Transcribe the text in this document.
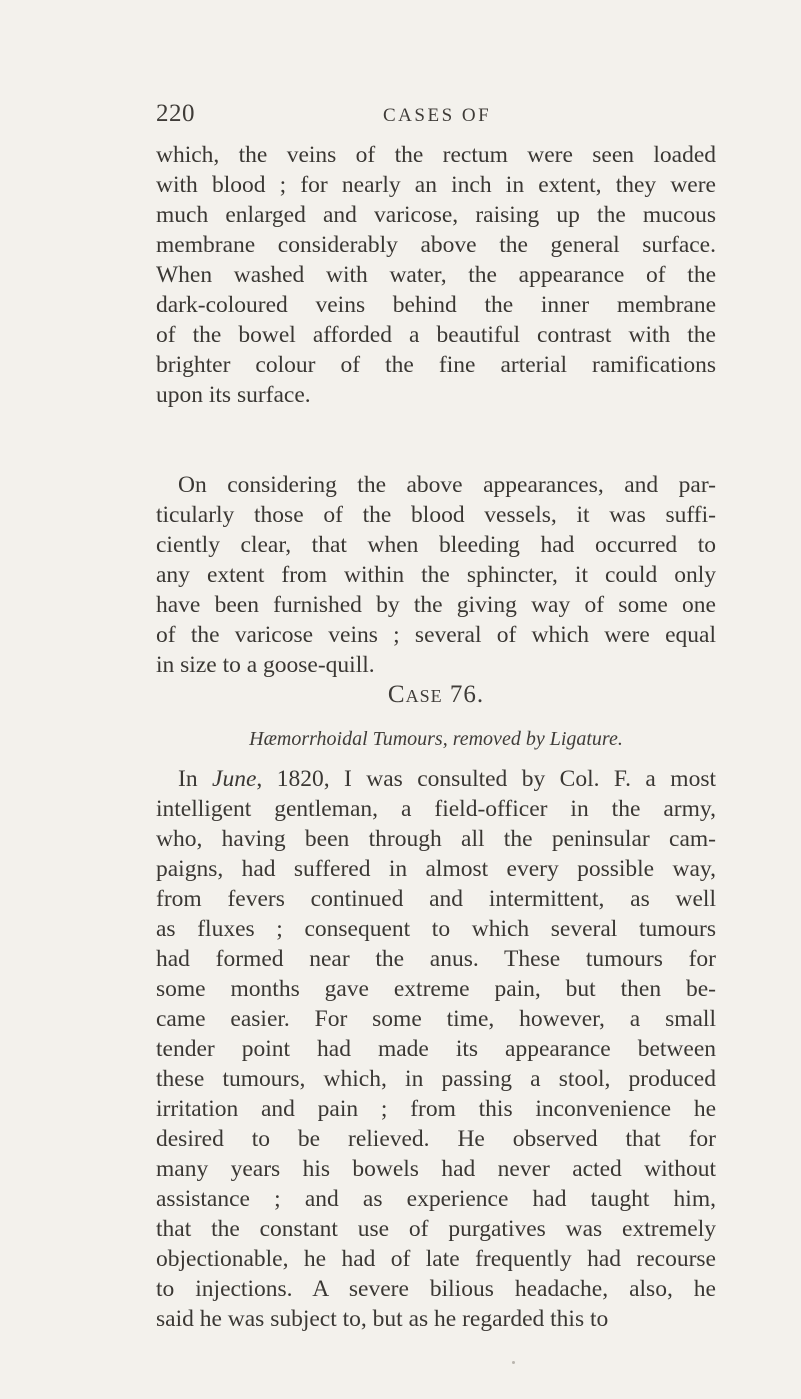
220	CASES OF
which, the veins of the rectum were seen loaded
with blood ; for nearly an inch in extent, they were
much enlarged and varicose, raising up the mucous
membrane considerably above the general surface.
When washed with water, the appearance of the
dark-coloured veins behind the inner membrane
of the bowel afforded a beautiful contrast with the
brighter colour of the fine arterial ramifications
upon its surface.
On considering the above appearances, and par-
ticularly those of the blood vessels, it was suffi-
ciently clear, that when bleeding had occurred to
any extent from within the sphincter, it could only
have been furnished by the giving way of some one
of the varicose veins ; several of which were equal
in size to a goose-quill.
Case 76.
Hæmorrhoidal Tumours, removed by Ligature.
In June, 1820, I was consulted by Col. F. a most
intelligent gentleman, a field-officer in the army,
who, having been through all the peninsular cam-
paigns, had suffered in almost every possible way,
from fevers continued and intermittent, as well
as fluxes ; consequent to which several tumours
had formed near the anus. These tumours for
some months gave extreme pain, but then be-
came easier. For some time, however, a small
tender point had made its appearance between
these tumours, which, in passing a stool, produced
irritation and pain ; from this inconvenience he
desired to be relieved. He observed that for
many years his bowels had never acted without
assistance ; and as experience had taught him,
that the constant use of purgatives was extremely
objectionable, he had of late frequently had recourse
to injections. A severe bilious headache, also, he
said he was subject to, but as he regarded this to
